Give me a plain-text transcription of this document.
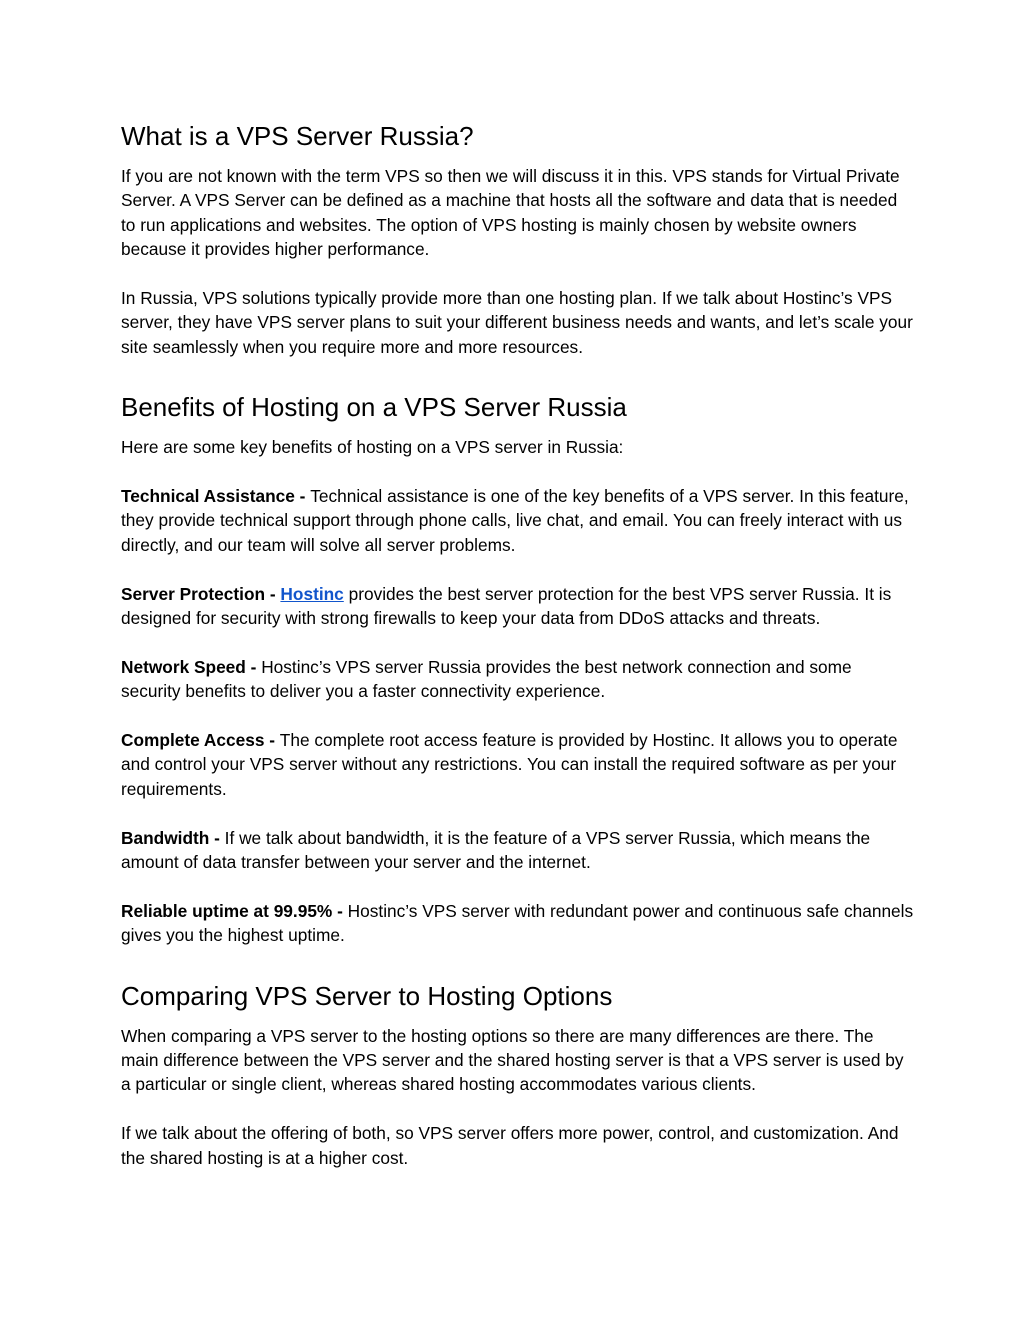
What is a VPS Server Russia?

If you are not known with the term VPS so then we will discuss it in this. VPS stands for Virtual Private Server. A VPS Server can be defined as a machine that hosts all the software and data that is needed to run applications and websites. The option of VPS hosting is mainly chosen by website owners because it provides higher performance.

In Russia, VPS solutions typically provide more than one hosting plan. If we talk about Hostinc’s VPS server, they have VPS server plans to suit your different business needs and wants, and let’s scale your site seamlessly when you require more and more resources.

Benefits of Hosting on a VPS Server Russia

Here are some key benefits of hosting on a VPS server in Russia:

Technical Assistance - Technical assistance is one of the key benefits of a VPS server. In this feature, they provide technical support through phone calls, live chat, and email. You can freely interact with us directly, and our team will solve all server problems.

Server Protection - Hostinc provides the best server protection for the best VPS server Russia. It is designed for security with strong firewalls to keep your data from DDoS attacks and threats.

Network Speed - Hostinc’s VPS server Russia provides the best network connection and some security benefits to deliver you a faster connectivity experience.

Complete Access - The complete root access feature is provided by Hostinc. It allows you to operate and control your VPS server without any restrictions. You can install the required software as per your requirements.

Bandwidth - If we talk about bandwidth, it is the feature of a VPS server Russia, which means the amount of data transfer between your server and the internet.

Reliable uptime at 99.95% - Hostinc’s VPS server with redundant power and continuous safe channels gives you the highest uptime.

Comparing VPS Server to Hosting Options

When comparing a VPS server to the hosting options so there are many differences are there. The main difference between the VPS server and the shared hosting server is that a VPS server is used by a particular or single client, whereas shared hosting accommodates various clients.

If we talk about the offering of both, so VPS server offers more power, control, and customization. And the shared hosting is at a higher cost.
